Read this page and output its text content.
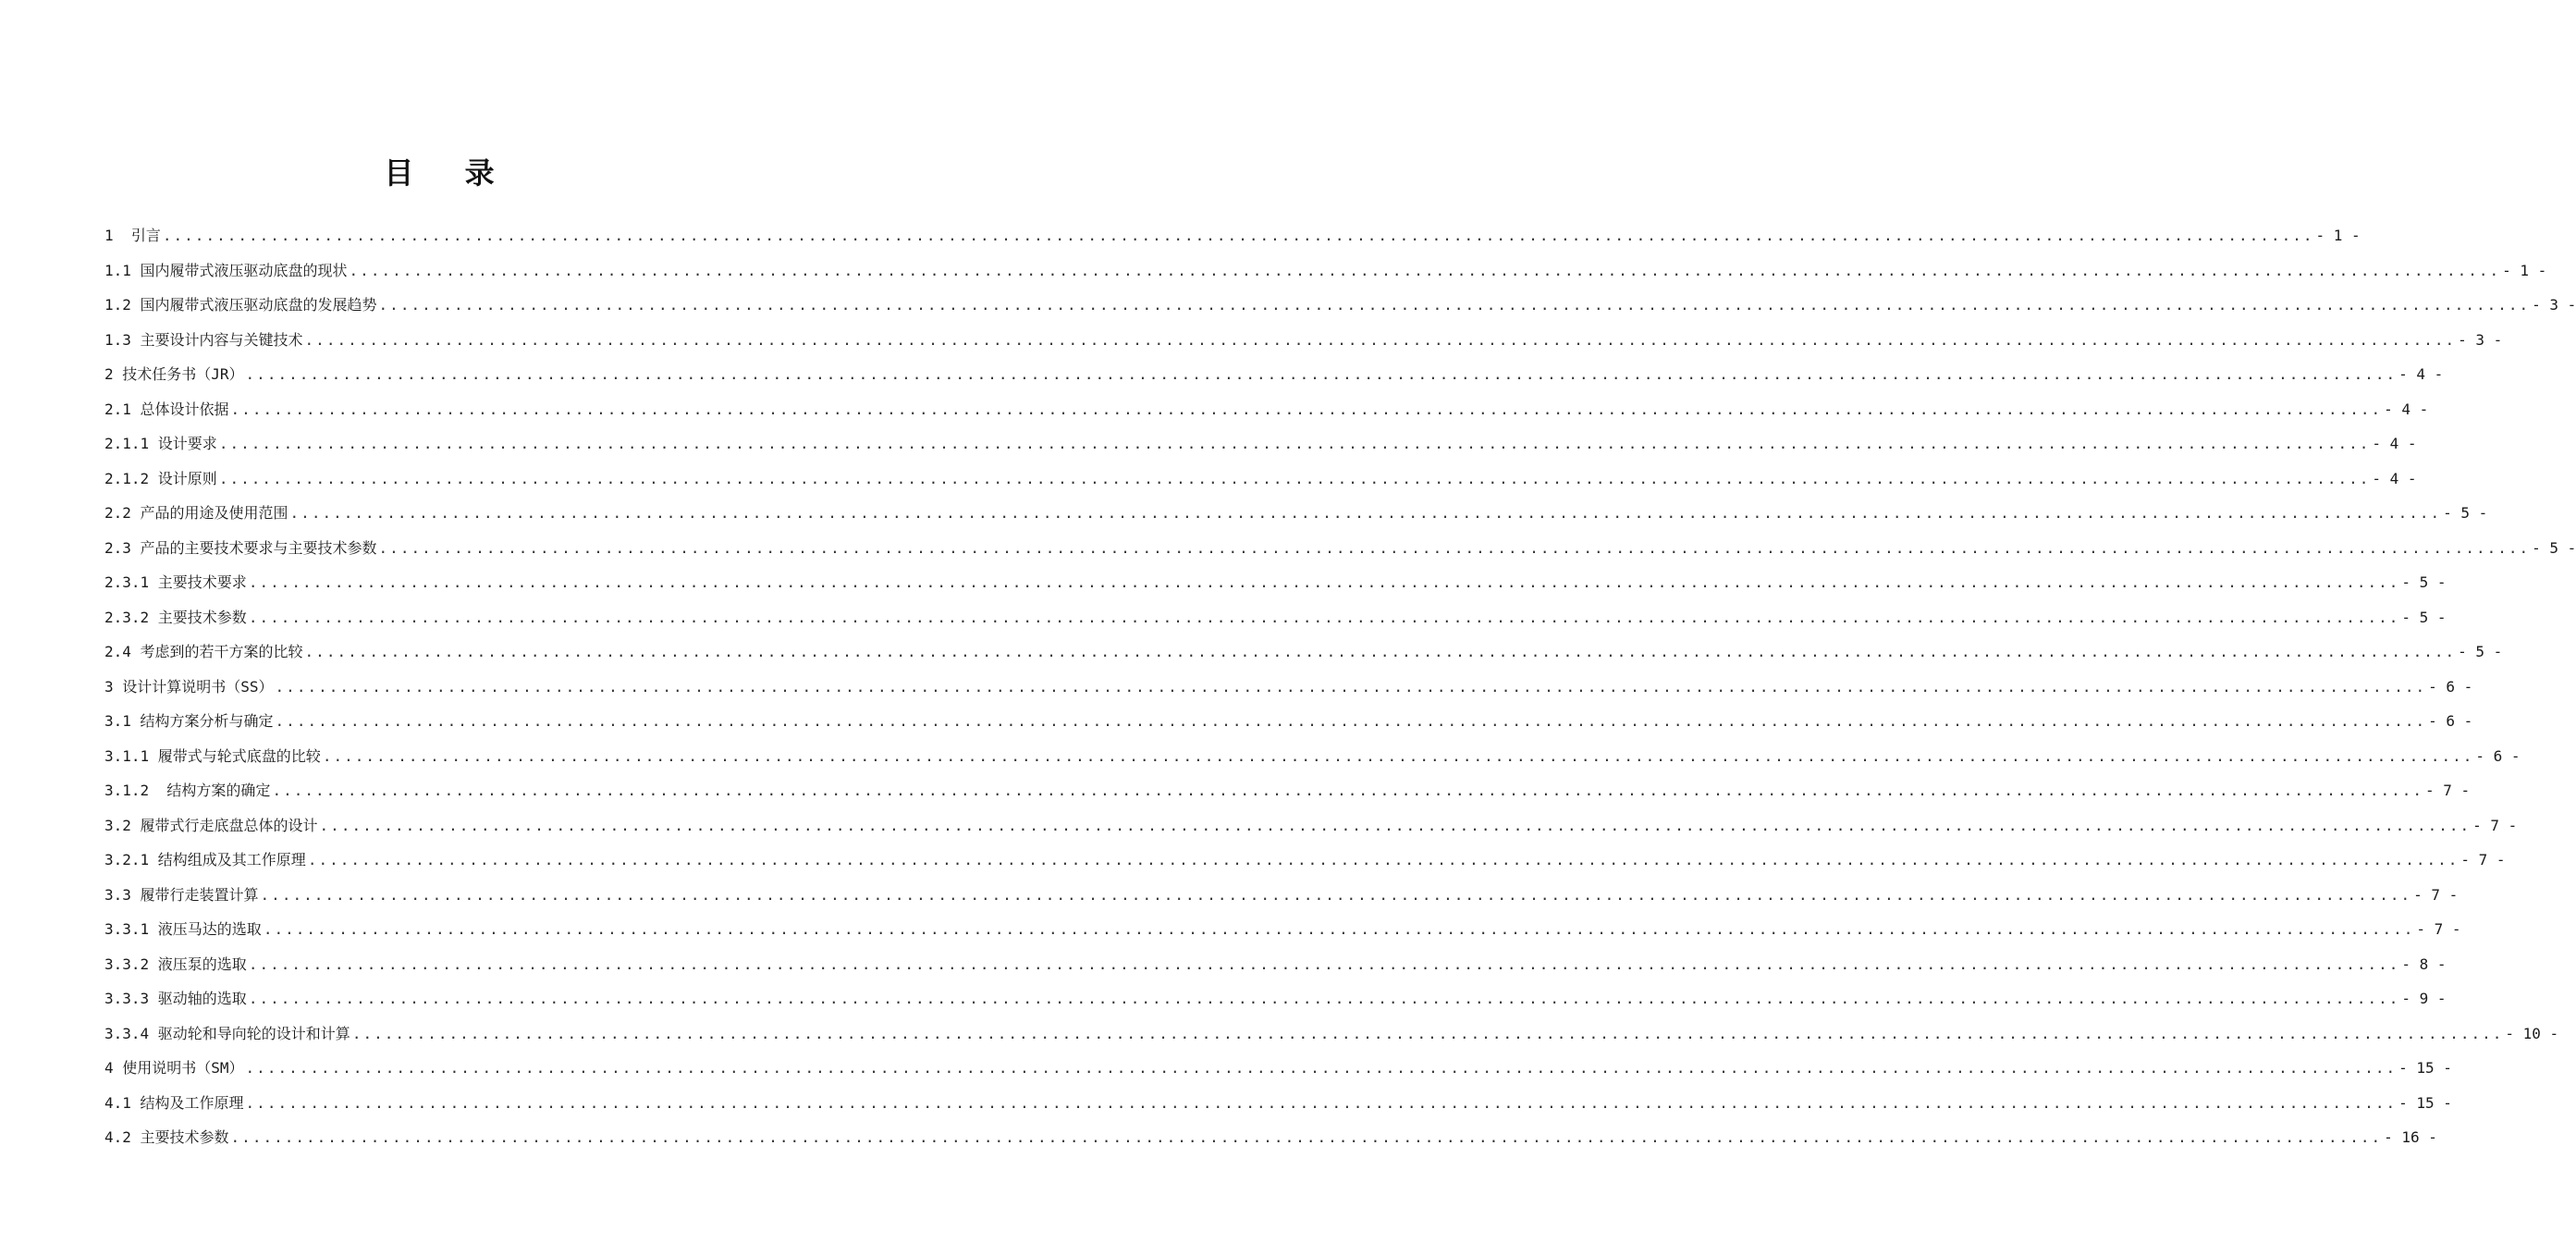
目 录
1  引言 ........................................................................................................................................................................................................ - 1 -
1.1 国内履带式液压驱动底盘的现状 ........................................................................................................................................................................................................ - 1 -
1.2 国内履带式液压驱动底盘的发展趋势 ........................................................................................................................................................................................................ - 3 -
1.3 主要设计内容与关键技术 ........................................................................................................................................................................................................ - 3 -
2 技术任务书（JR） ........................................................................................................................................................................................................ - 4 -
2.1 总体设计依据 ........................................................................................................................................................................................................ - 4 -
2.1.1 设计要求 ........................................................................................................................................................................................................ - 4 -
2.1.2 设计原则 ........................................................................................................................................................................................................ - 4 -
2.2 产品的用途及使用范围 ........................................................................................................................................................................................................ - 5 -
2.3 产品的主要技术要求与主要技术参数 ........................................................................................................................................................................................................ - 5 -
2.3.1 主要技术要求 ........................................................................................................................................................................................................ - 5 -
2.3.2 主要技术参数 ........................................................................................................................................................................................................ - 5 -
2.4 考虑到的若干方案的比较 ........................................................................................................................................................................................................ - 5 -
3 设计计算说明书（SS） ........................................................................................................................................................................................................ - 6 -
3.1 结构方案分析与确定 ........................................................................................................................................................................................................ - 6 -
3.1.1 履带式与轮式底盘的比较 ........................................................................................................................................................................................................ - 6 -
3.1.2  结构方案的确定 ........................................................................................................................................................................................................ - 7 -
3.2 履带式行走底盘总体的设计 ........................................................................................................................................................................................................ - 7 -
3.2.1 结构组成及其工作原理 ........................................................................................................................................................................................................ - 7 -
3.3 履带行走装置计算 ........................................................................................................................................................................................................ - 7 -
3.3.1 液压马达的选取 ........................................................................................................................................................................................................ - 7 -
3.3.2 液压泵的选取 ........................................................................................................................................................................................................ - 8 -
3.3.3 驱动轴的选取 ........................................................................................................................................................................................................ - 9 -
3.3.4 驱动轮和导向轮的设计和计算 ........................................................................................................................................................................................................ - 10 -
4 使用说明书（SM） ........................................................................................................................................................................................................ - 15 -
4.1 结构及工作原理 ........................................................................................................................................................................................................ - 15 -
4.2 主要技术参数 ........................................................................................................................................................................................................ - 16 -
